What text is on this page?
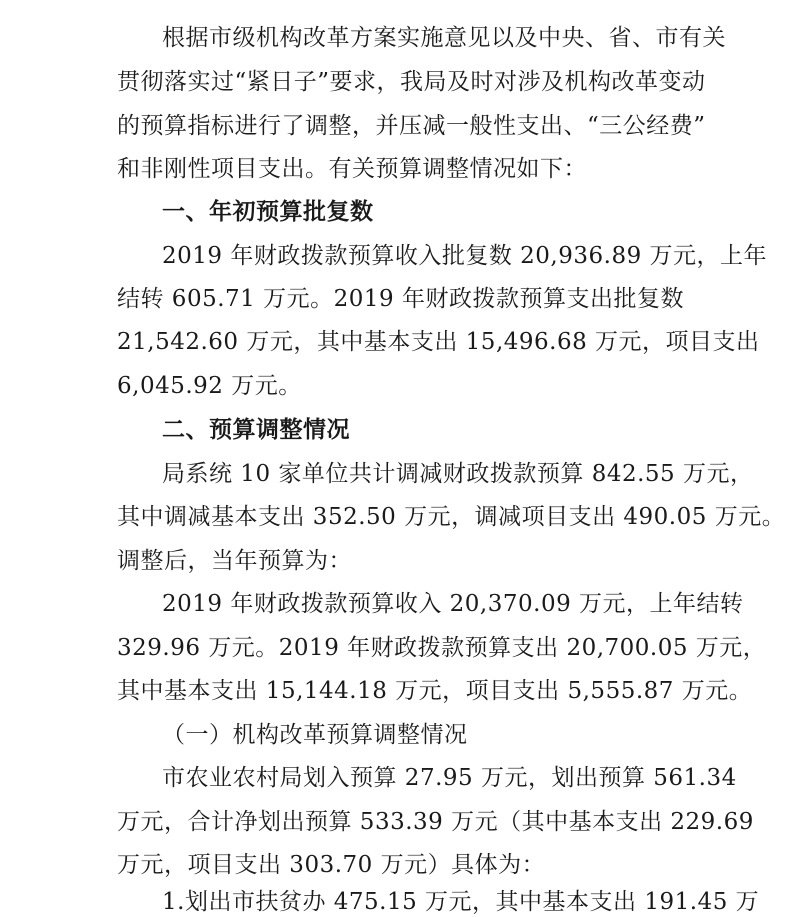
根据市级机构改革方案实施意见以及中央、省、市有关
贯彻落实过“紧日子”要求，我局及时对涉及机构改革变动
的预算指标进行了调整，并压减一般性支出、“三公经费”
和非刚性项目支出。有关预算调整情况如下：
一、年初预算批复数
2019 年财政拨款预算收入批复数 20,936.89 万元，上年
结转 605.71 万元。2019 年财政拨款预算支出批复数
21,542.60 万元，其中基本支出 15,496.68 万元，项目支出
6,045.92 万元。
二、预算调整情况
局系统 10 家单位共计调减财政拨款预算 842.55 万元，
其中调减基本支出 352.50 万元，调减项目支出 490.05 万元。
调整后，当年预算为：
2019 年财政拨款预算收入 20,370.09 万元，上年结转
329.96 万元。2019 年财政拨款预算支出 20,700.05 万元，
其中基本支出 15,144.18 万元，项目支出 5,555.87 万元。
（一）机构改革预算调整情况
市农业农村局划入预算 27.95 万元，划出预算 561.34
万元，合计净划出预算 533.39 万元（其中基本支出 229.69
万元，项目支出 303.70 万元）具体为：
1.划出市扶贫办 475.15 万元，其中基本支出 191.45 万
